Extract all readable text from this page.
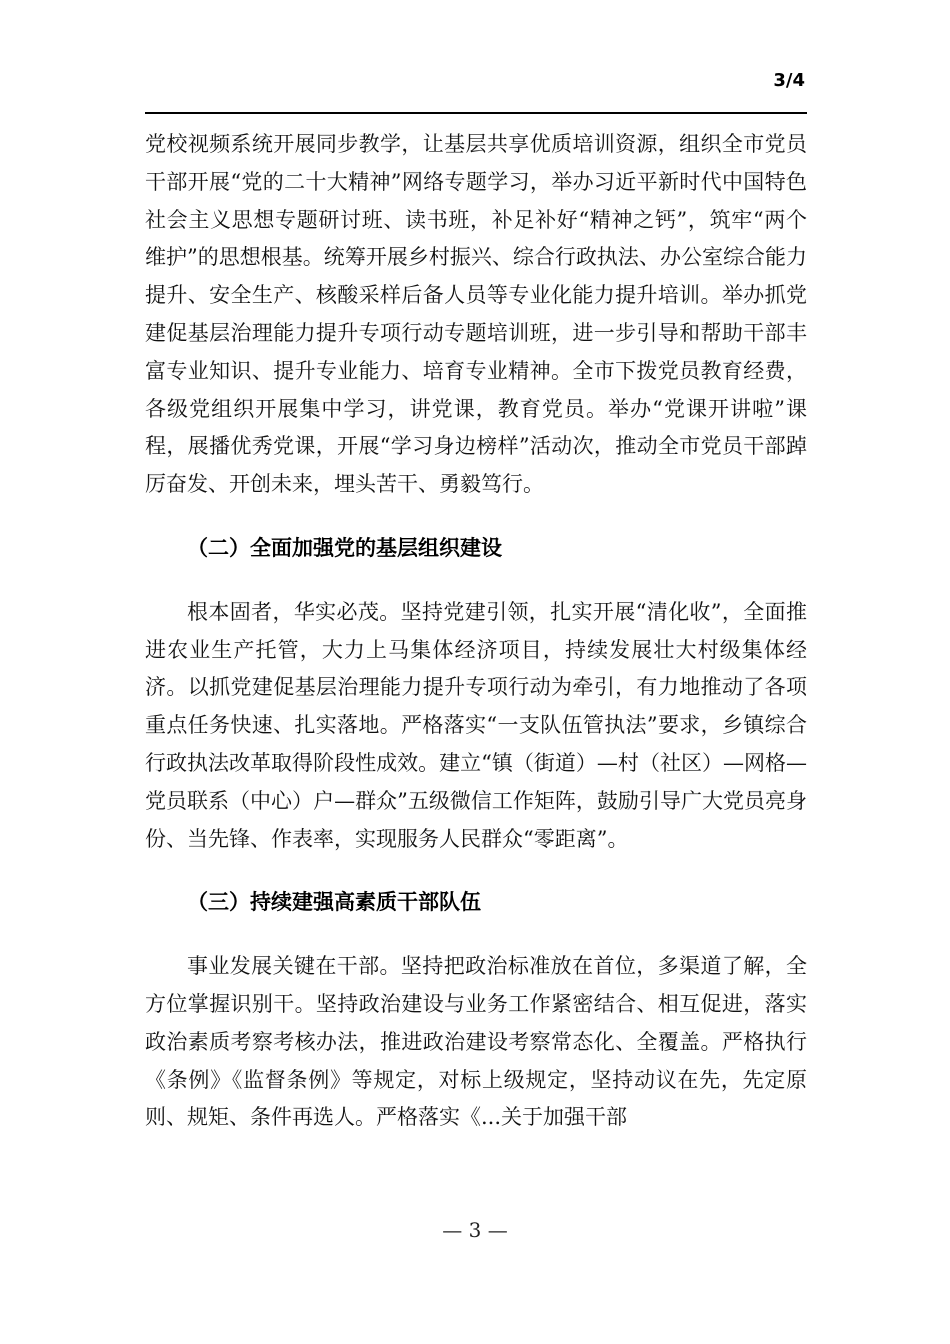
3/4

党校视频系统开展同步教学，让基层共享优质培训资源，组织全市党员干部开展“党的二十大精神”网络专题学习，举办习近平新时代中国特色社会主义思想专题研讨班、读书班，补足补好“精神之钙”，筑牢“两个维护”的思想根基。统筹开展乡村振兴、综合行政执法、办公室综合能力提升、安全生产、核酸采样后备人员等专业化能力提升培训。举办抓党建促基层治理能力提升专项行动专题培训班，进一步引导和帮助干部丰富专业知识、提升专业能力、培育专业精神。全市下拨党员教育经费，各级党组织开展集中学习，讲党课，教育党员。举办“党课开讲啦”课程，展播优秀党课，开展“学习身边榜样”活动次，推动全市党员干部踔厉奋发、开创未来，埋头苦干、勇毅笃行。

（二）全面加强党的基层组织建设

根本固者，华实必茂。坚持党建引领，扎实开展“清化收”，全面推进农业生产托管，大力上马集体经济项目，持续发展壮大村级集体经济。以抓党建促基层治理能力提升专项行动为牵引，有力地推动了各项重点任务快速、扎实落地。严格落实“一支队伍管执法”要求，乡镇综合行政执法改革取得阶段性成效。建立“镇（街道）—村（社区）—网格—党员联系（中心）户—群众”五级微信工作矩阵，鼓励引导广大党员亮身份、当先锋、作表率，实现服务人民群众“零距离”。

（三）持续建强高素质干部队伍

事业发展关键在干部。坚持把政治标准放在首位，多渠道了解，全方位掌握识别干。坚持政治建设与业务工作紧密结合、相互促进，落实政治素质考察考核办法，推进政治建设考察常态化、全覆盖。严格执行《条例》《监督条例》等规定，对标上级规定，坚持动议在先，先定原则、规矩、条件再选人。严格落实《...关于加强干部

— 3 —
